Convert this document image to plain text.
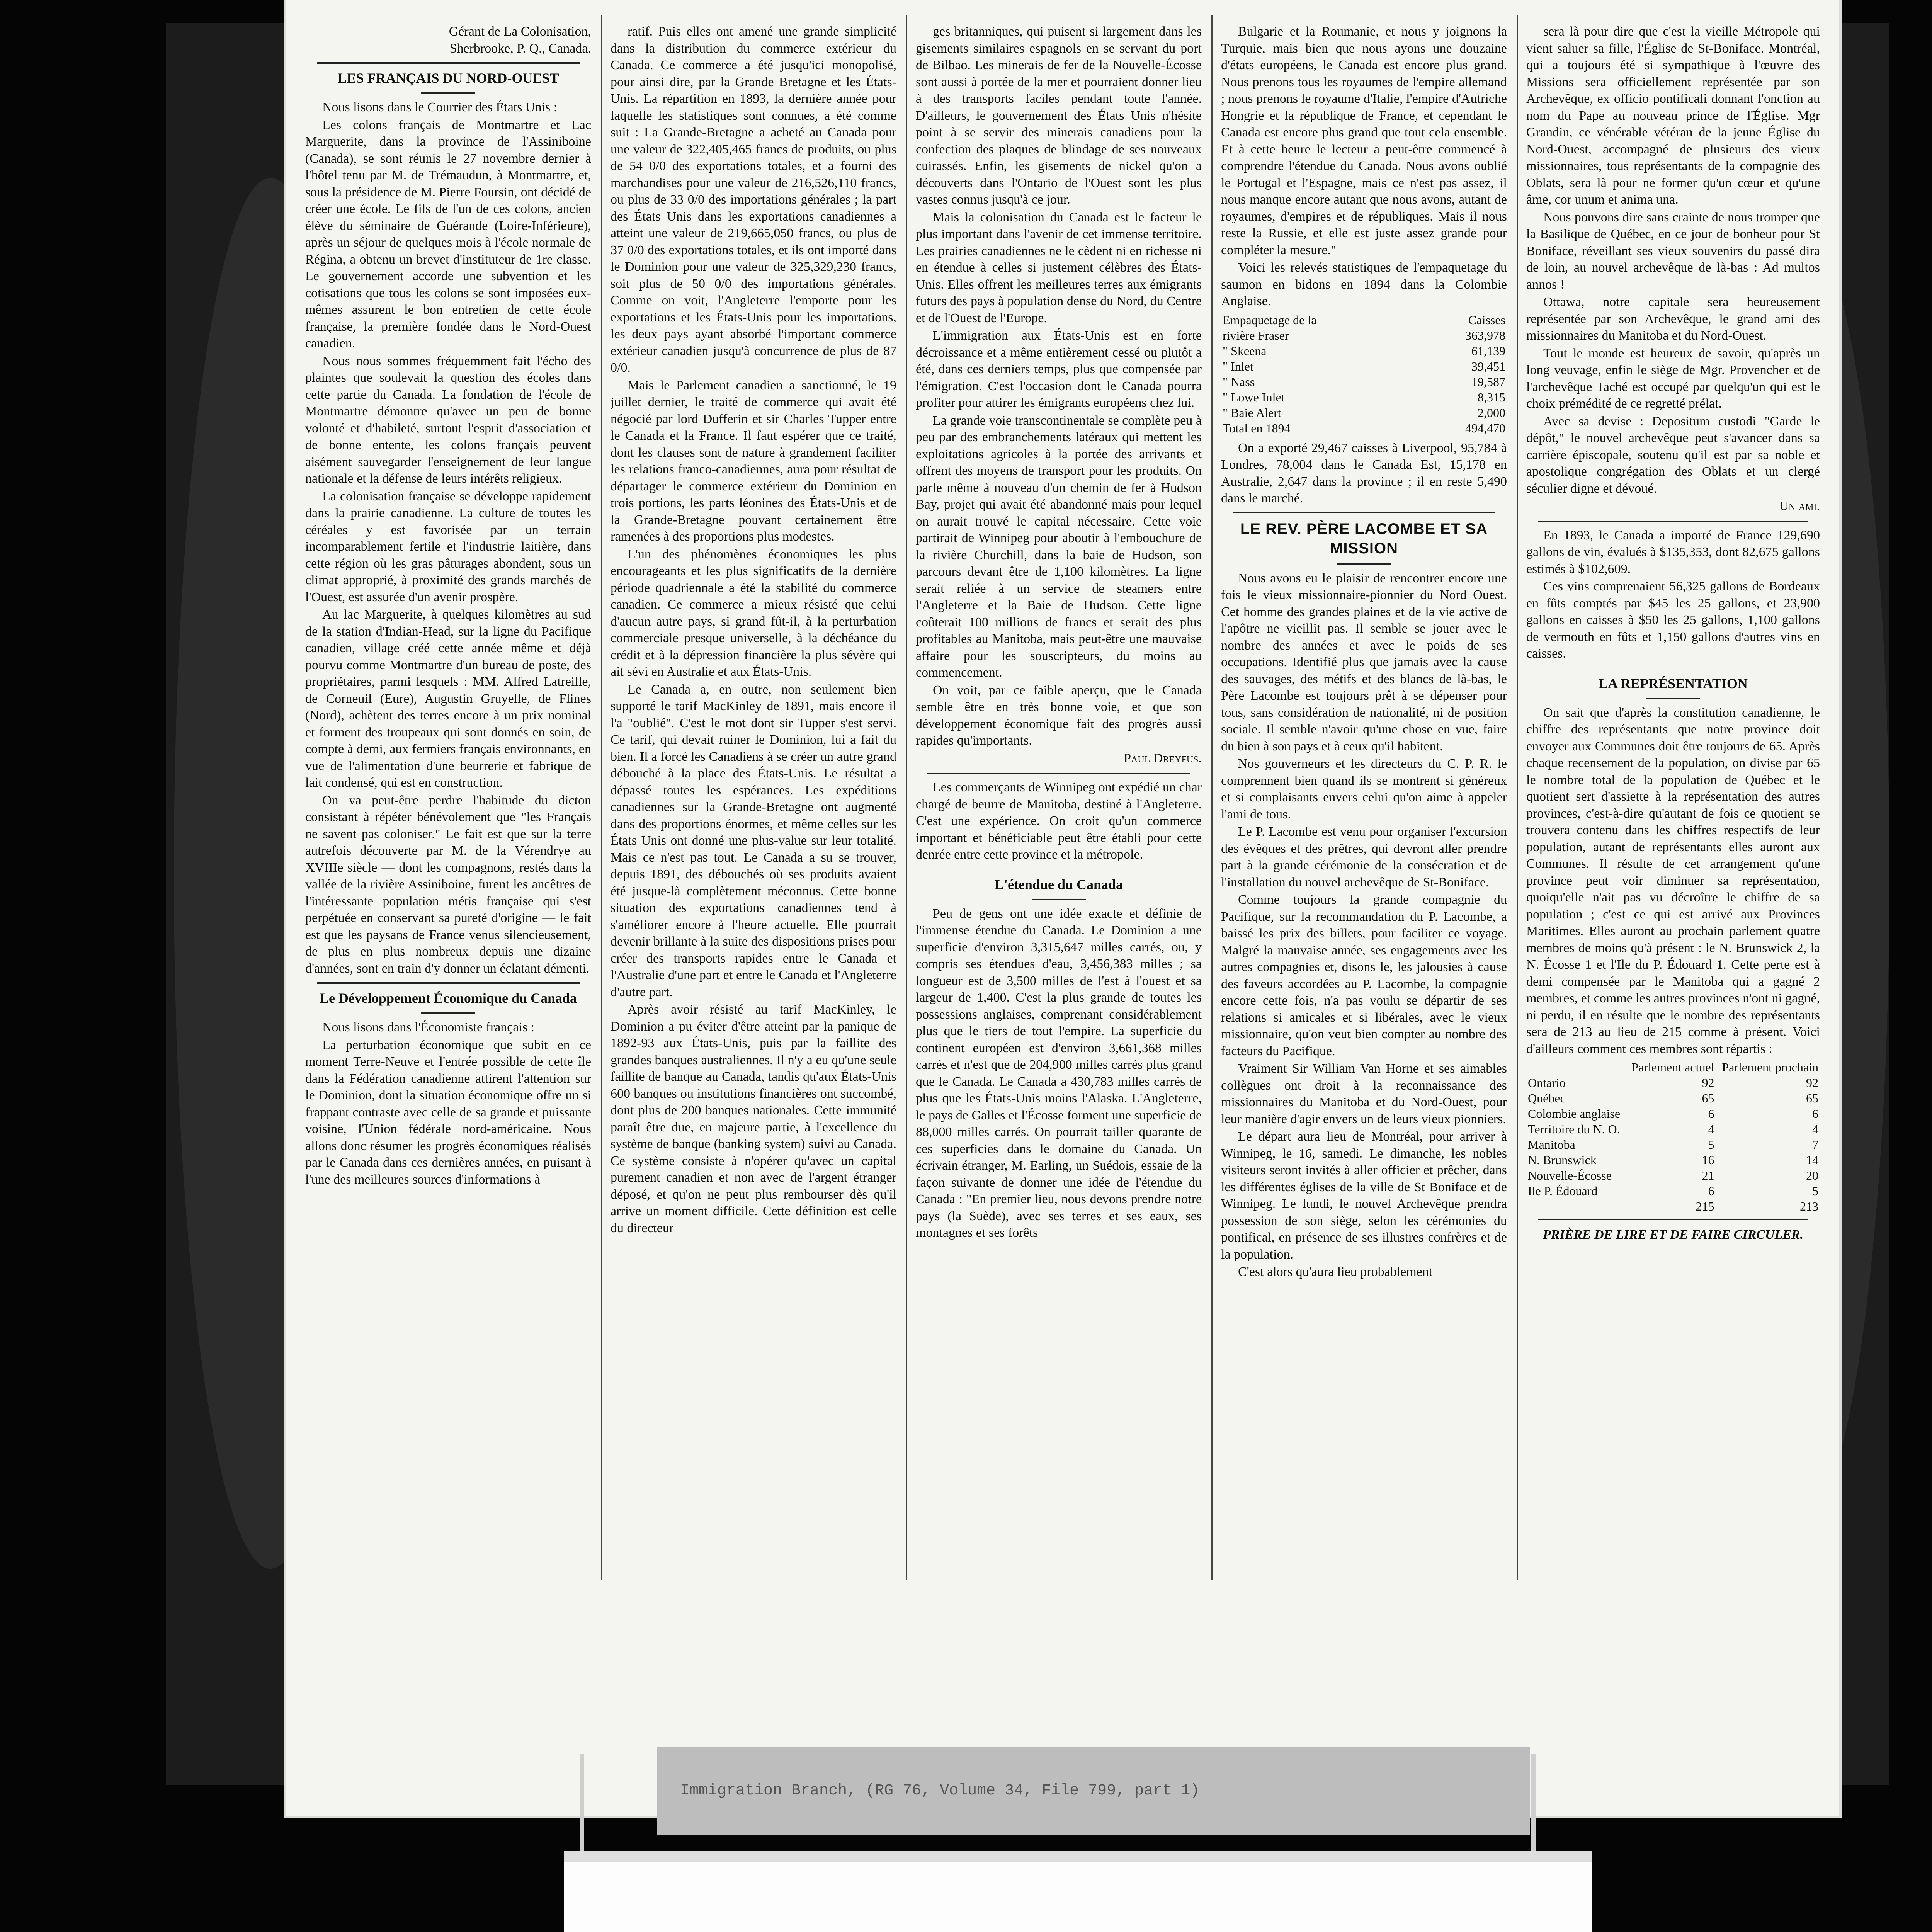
Gérant de La Colonisation,
Sherbrooke, P. Q., Canada.
LES FRANÇAIS DU NORD-OUEST

Nous lisons dans le Courrier des États Unis :

Les colons français de Montmartre et Lac Marguerite, dans la province de l'Assiniboine (Canada), se sont réunis le 27 novembre dernier à l'hôtel tenu par M. de Trémaudun, à Montmartre, et, sous la présidence de M. Pierre Foursin, ont décidé de créer une école. Le fils de l'un de ces colons, ancien élève du séminaire de Guérande (Loire-Inférieure), après un séjour de quelques mois à l'école normale de Régina, a obtenu un brevet d'instituteur de 1re classe. Le gouvernement accorde une subvention et les cotisations que tous les colons se sont imposées eux-mêmes assurent le bon entretien de cette école française, la première fondée dans le Nord-Ouest canadien.

Nous nous sommes fréquemment fait l'écho des plaintes que soulevait la question des écoles dans cette partie du Canada. La fondation de l'école de Montmartre démontre qu'avec un peu de bonne volonté et d'habileté, surtout l'esprit d'association et de bonne entente, les colons français peuvent aisément sauvegarder l'enseignement de leur langue nationale et la défense de leurs intérêts religieux.

La colonisation française se développe rapidement dans la prairie canadienne. La culture de toutes les céréales y est favorisée par un terrain incomparablement fertile et l'industrie laitière, dans cette région où les gras pâturages abondent, sous un climat approprié, à proximité des grands marchés de l'Ouest, est assurée d'un avenir prospère.

Au lac Marguerite, à quelques kilomètres au sud de la station d'Indian-Head, sur la ligne du Pacifique canadien, village créé cette année même et déjà pourvu comme Montmartre d'un bureau de poste, des propriétaires, parmi lesquels : MM. Alfred Latreille, de Corneuil (Eure), Augustin Gruyelle, de Flines (Nord), achètent des terres encore à un prix nominal et forment des troupeaux qui sont donnés en soin, de compte à demi, aux fermiers français environnants, en vue de l'alimentation d'une beurrerie et fabrique de lait condensé, qui est en construction.

On va peut-être perdre l'habitude du dicton consistant à répéter bénévolement que "les Français ne savent pas coloniser." Le fait est que sur la terre autrefois découverte par M. de la Vérendrye au XVIIIe siècle — dont les compagnons, restés dans la vallée de la rivière Assiniboine, furent les ancêtres de l'intéressante population métis française qui s'est perpétuée en conservant sa pureté d'origine — le fait est que les paysans de France venus silencieusement, de plus en plus nombreux depuis une dizaine d'années, sont en train d'y donner un éclatant démenti.

Le Développement Économique du Canada

Nous lisons dans l'Économiste français :

La perturbation économique que subit en ce moment Terre-Neuve et l'entrée possible de cette île dans la Fédération canadienne attirent l'attention sur le Dominion, dont la situation économique offre un si frappant contraste avec celle de sa grande et puissante voisine, l'Union fédérale nord-américaine. Nous allons donc résumer les progrès économiques réalisés par le Canada dans ces dernières années, en puisant à l'une des meilleures sources d'informations à

ratif. Puis elles ont amené une grande simplicité dans la distribution du commerce extérieur du Canada. Ce commerce a été jusqu'ici monopolisé, pour ainsi dire, par la Grande Bretagne et les États-Unis. La répartition en 1893, la dernière année pour laquelle les statistiques sont connues, a été comme suit : La Grande-Bretagne a acheté au Canada pour une valeur de 322,405,465 francs de produits, ou plus de 54 0/0 des exportations totales, et a fourni des marchandises pour une valeur de 216,526,110 francs, ou plus de 33 0/0 des importations générales ; la part des États Unis dans les exportations canadiennes a atteint une valeur de 219,665,050 francs, ou plus de 37 0/0 des exportations totales, et ils ont importé dans le Dominion pour une valeur de 325,329,230 francs, soit plus de 50 0/0 des importations générales. Comme on voit, l'Angleterre l'emporte pour les exportations et les États-Unis pour les importations, les deux pays ayant absorbé l'important commerce extérieur canadien jusqu'à concurrence de plus de 87 0/0.

Mais le Parlement canadien a sanctionné, le 19 juillet dernier, le traité de commerce qui avait été négocié par lord Dufferin et sir Charles Tupper entre le Canada et la France. Il faut espérer que ce traité, dont les clauses sont de nature à grandement faciliter les relations franco-canadiennes, aura pour résultat de départager le commerce extérieur du Dominion en trois portions, les parts léonines des États-Unis et de la Grande-Bretagne pouvant certainement être ramenées à des proportions plus modestes.

L'un des phénomènes économiques les plus encourageants et les plus significatifs de la dernière période quadriennale a été la stabilité du commerce canadien. Ce commerce a mieux résisté que celui d'aucun autre pays, si grand fût-il, à la perturbation commerciale presque universelle, à la déchéance du crédit et à la dépression financière la plus sévère qui ait sévi en Australie et aux États-Unis.

Le Canada a, en outre, non seulement bien supporté le tarif MacKinley de 1891, mais encore il l'a "oublié". C'est le mot dont sir Tupper s'est servi. Ce tarif, qui devait ruiner le Dominion, lui a fait du bien. Il a forcé les Canadiens à se créer un autre grand débouché à la place des États-Unis. Le résultat a dépassé toutes les espérances. Les expéditions canadiennes sur la Grande-Bretagne ont augmenté dans des proportions énormes, et même celles sur les États Unis ont donné une plus-value sur leur totalité. Mais ce n'est pas tout. Le Canada a su se trouver, depuis 1891, des débouchés où ses produits avaient été jusque-là complètement méconnus. Cette bonne situation des exportations canadiennes tend à s'améliorer encore à l'heure actuelle. Elle pourrait devenir brillante à la suite des dispositions prises pour créer des transports rapides entre le Canada et l'Australie d'une part et entre le Canada et l'Angleterre d'autre part.

Après avoir résisté au tarif MacKinley, le Dominion a pu éviter d'être atteint par la panique de 1892-93 aux États-Unis, puis par la faillite des grandes banques australiennes. Il n'y a eu qu'une seule faillite de banque au Canada, tandis qu'aux États-Unis 600 banques ou institutions financières ont succombé, dont plus de 200 banques nationales. Cette immunité paraît être due, en majeure partie, à l'excellence du système de banque (banking system) suivi au Canada. Ce système consiste à n'opérer qu'avec un capital purement canadien et non avec de l'argent étranger déposé, et qu'on ne peut plus rembourser dès qu'il arrive un moment difficile. Cette définition est celle du directeur

ges britanniques, qui puisent si largement dans les gisements similaires espagnols en se servant du port de Bilbao. Les minerais de fer de la Nouvelle-Écosse sont aussi à portée de la mer et pourraient donner lieu à des transports faciles pendant toute l'année. D'ailleurs, le gouvernement des États Unis n'hésite point à se servir des minerais canadiens pour la confection des plaques de blindage de ses nouveaux cuirassés. Enfin, les gisements de nickel qu'on a découverts dans l'Ontario de l'Ouest sont les plus vastes connus jusqu'à ce jour.

Mais la colonisation du Canada est le facteur le plus important dans l'avenir de cet immense territoire. Les prairies canadiennes ne le cèdent ni en richesse ni en étendue à celles si justement célèbres des États-Unis. Elles offrent les meilleures terres aux émigrants futurs des pays à population dense du Nord, du Centre et de l'Ouest de l'Europe.

L'immigration aux États-Unis est en forte décroissance et a même entièrement cessé ou plutôt a été, dans ces derniers temps, plus que compensée par l'émigration. C'est l'occasion dont le Canada pourra profiter pour attirer les émigrants européens chez lui.

La grande voie transcontinentale se complète peu à peu par des embranchements latéraux qui mettent les exploitations agricoles à la portée des arrivants et offrent des moyens de transport pour les produits. On parle même à nouveau d'un chemin de fer à Hudson Bay, projet qui avait été abandonné mais pour lequel on aurait trouvé le capital nécessaire. Cette voie partirait de Winnipeg pour aboutir à l'embouchure de la rivière Churchill, dans la baie de Hudson, son parcours devant être de 1,100 kilomètres. La ligne serait reliée à un service de steamers entre l'Angleterre et la Baie de Hudson. Cette ligne coûterait 100 millions de francs et serait des plus profitables au Manitoba, mais peut-être une mauvaise affaire pour les souscripteurs, du moins au commencement.

On voit, par ce faible aperçu, que le Canada semble être en très bonne voie, et que son développement économique fait des progrès aussi rapides qu'importants.

Paul Dreyfus.

Les commerçants de Winnipeg ont expédié un char chargé de beurre de Manitoba, destiné à l'Angleterre. C'est une expérience. On croit qu'un commerce important et bénéficiable peut être établi pour cette denrée entre cette province et la métropole.

L'étendue du Canada

Peu de gens ont une idée exacte et définie de l'immense étendue du Canada. Le Dominion a une superficie d'environ 3,315,647 milles carrés, ou, y compris ses étendues d'eau, 3,456,383 milles ; sa longueur est de 3,500 milles de l'est à l'ouest et sa largeur de 1,400. C'est la plus grande de toutes les possessions anglaises, comprenant considérablement plus que le tiers de tout l'empire. La superficie du continent européen est d'environ 3,661,368 milles carrés et n'est que de 204,900 milles carrés plus grand que le Canada. Le Canada a 430,783 milles carrés de plus que les États-Unis moins l'Alaska. L'Angleterre, le pays de Galles et l'Écosse forment une superficie de 88,000 milles carrés. On pourrait tailler quarante de ces superficies dans le domaine du Canada. Un écrivain étranger, M. Earling, un Suédois, essaie de la façon suivante de donner une idée de l'étendue du Canada : "En premier lieu, nous devons prendre notre pays (la Suède), avec ses terres et ses eaux, ses montagnes et ses forêts

Bulgarie et la Roumanie, et nous y joignons la Turquie, mais bien que nous ayons une douzaine d'états européens, le Canada est encore plus grand. Nous prenons tous les royaumes de l'empire allemand ; nous prenons le royaume d'Italie, l'empire d'Autriche Hongrie et la république de France, et cependant le Canada est encore plus grand que tout cela ensemble. Et à cette heure le lecteur a peut-être commencé à comprendre l'étendue du Canada. Nous avons oublié le Portugal et l'Espagne, mais ce n'est pas assez, il nous manque encore autant que nous avons, autant de royaumes, d'empires et de républiques. Mais il nous reste la Russie, et elle est juste assez grande pour compléter la mesure."

Voici les relevés statistiques de l'empaquetage du saumon en bidons en 1894 dans la Colombie Anglaise.

Empaquetage de la	Caisses
rivière Fraser	363,978
" Skeena	61,139
" Inlet	39,451
" Nass	19,587
" Lowe Inlet	8,315
" Baie Alert	2,000
Total en 1894	494,470

On a exporté 29,467 caisses à Liverpool, 95,784 à Londres, 78,004 dans le Canada Est, 15,178 en Australie, 2,647 dans la province ; il en reste 5,490 dans le marché.

LE REV. PÈRE LACOMBE ET SA MISSION

Nous avons eu le plaisir de rencontrer encore une fois le vieux missionnaire-pionnier du Nord Ouest. Cet homme des grandes plaines et de la vie active de l'apôtre ne vieillit pas. Il semble se jouer avec le nombre des années et avec le poids de ses occupations. Identifié plus que jamais avec la cause des sauvages, des métifs et des blancs de là-bas, le Père Lacombe est toujours prêt à se dépenser pour tous, sans considération de nationalité, ni de position sociale. Il semble n'avoir qu'une chose en vue, faire du bien à son pays et à ceux qu'il habitent.

Nos gouverneurs et les directeurs du C. P. R. le comprennent bien quand ils se montrent si généreux et si complaisants envers celui qu'on aime à appeler l'ami de tous.

Le P. Lacombe est venu pour organiser l'excursion des évêques et des prêtres, qui devront aller prendre part à la grande cérémonie de la consécration et de l'installation du nouvel archevêque de St-Boniface.

Comme toujours la grande compagnie du Pacifique, sur la recommandation du P. Lacombe, a baissé les prix des billets, pour faciliter ce voyage. Malgré la mauvaise année, ses engagements avec les autres compagnies et, disons le, les jalousies à cause des faveurs accordées au P. Lacombe, la compagnie encore cette fois, n'a pas voulu se départir de ses relations si amicales et si libérales, avec le vieux missionnaire, qu'on veut bien compter au nombre des facteurs du Pacifique.

Vraiment Sir William Van Horne et ses aimables collègues ont droit à la reconnaissance des missionnaires du Manitoba et du Nord-Ouest, pour leur manière d'agir envers un de leurs vieux pionniers.

Le départ aura lieu de Montréal, pour arriver à Winnipeg, le 16, samedi. Le dimanche, les nobles visiteurs seront invités à aller officier et prêcher, dans les différentes églises de la ville de St Boniface et de Winnipeg. Le lundi, le nouvel Archevêque prendra possession de son siège, selon les cérémonies du pontifical, en présence de ses illustres confrères et de la population.

C'est alors qu'aura lieu probablement

sera là pour dire que c'est la vieille Métropole qui vient saluer sa fille, l'Église de St-Boniface. Montréal, qui a toujours été si sympathique à l'œuvre des Missions sera officiellement représentée par son Archevêque, ex officio pontificali donnant l'onction au nom du Pape au nouveau prince de l'Église. Mgr Grandin, ce vénérable vétéran de la jeune Église du Nord-Ouest, accompagné de plusieurs des vieux missionnaires, tous représentants de la compagnie des Oblats, sera là pour ne former qu'un cœur et qu'une âme, cor unum et anima una.

Nous pouvons dire sans crainte de nous tromper que la Basilique de Québec, en ce jour de bonheur pour St Boniface, réveillant ses vieux souvenirs du passé dira de loin, au nouvel archevêque de là-bas : Ad multos annos !

Ottawa, notre capitale sera heureusement représentée par son Archevêque, le grand ami des missionnaires du Manitoba et du Nord-Ouest.

Tout le monde est heureux de savoir, qu'après un long veuvage, enfin le siège de Mgr. Provencher et de l'archevêque Taché est occupé par quelqu'un qui est le choix prémédité de ce regretté prélat.

Avec sa devise : Depositum custodi "Garde le dépôt," le nouvel archevêque peut s'avancer dans sa carrière épiscopale, soutenu qu'il est par sa noble et apostolique congrégation des Oblats et un clergé séculier digne et dévoué.

Un ami.

En 1893, le Canada a importé de France 129,690 gallons de vin, évalués à $135,353, dont 82,675 gallons estimés à $102,609.

Ces vins comprenaient 56,325 gallons de Bordeaux en fûts comptés par $45 les 25 gallons, et 23,900 gallons en caisses à $50 les 25 gallons, 1,100 gallons de vermouth en fûts et 1,150 gallons d'autres vins en caisses.

LA REPRÉSENTATION

On sait que d'après la constitution canadienne, le chiffre des représentants que notre province doit envoyer aux Communes doit être toujours de 65. Après chaque recensement de la population, on divise par 65 le nombre total de la population de Québec et le quotient sert d'assiette à la représentation des autres provinces, c'est-à-dire qu'autant de fois ce quotient se trouvera contenu dans les chiffres respectifs de leur population, autant de représentants elles auront aux Communes. Il résulte de cet arrangement qu'une province peut voir diminuer sa représentation, quoiqu'elle n'ait pas vu décroître le chiffre de sa population ; c'est ce qui est arrivé aux Provinces Maritimes. Elles auront au prochain parlement quatre membres de moins qu'à présent : le N. Brunswick 2, la N. Écosse 1 et l'Ile du P. Édouard 1. Cette perte est à demi compensée par le Manitoba qui a gagné 2 membres, et comme les autres provinces n'ont ni gagné, ni perdu, il en résulte que le nombre des représentants sera de 213 au lieu de 215 comme à présent. Voici d'ailleurs comment ces membres sont répartis :

	Parlement actuel	Parlement prochain
Ontario	92	92
Québec	65	65
Colombie anglaise	6	6
Territoire du N. O.	4	4
Manitoba	5	7
N. Brunswick	16	14
Nouvelle-Écosse	21	20
Ile P. Édouard	6	5
	215	213

PRIÈRE DE LIRE ET DE FAIRE CIRCULER.

Immigration Branch, (RG 76, Volume 34, File 799, part 1)
